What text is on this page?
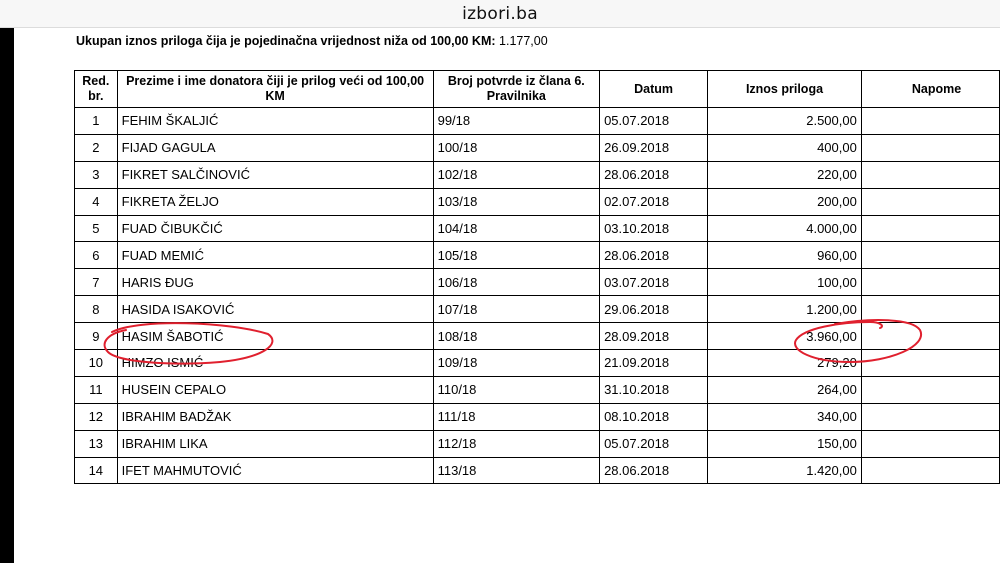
izbori.ba
Ukupan iznos priloga čija je pojedinačna vrijednost niža od 100,00 KM: 1.177,00
Red. br.	Prezime i ime donatora čiji je prilog veći od 100,00 KM	Broj potvrde iz člana 6. Pravilnika	Datum	Iznos priloga	Napome
1	FEHIM ŠKALJIĆ	99/18	05.07.2018	2.500,00	
2	FIJAD GAGULA	100/18	26.09.2018	400,00	
3	FIKRET SALČINOVIĆ	102/18	28.06.2018	220,00	
4	FIKRETA ŽELJO	103/18	02.07.2018	200,00	
5	FUAD ČIBUKČIĆ	104/18	03.10.2018	4.000,00	
6	FUAD MEMIĆ	105/18	28.06.2018	960,00	
7	HARIS ĐUG	106/18	03.07.2018	100,00	
8	HASIDA ISAKOVIĆ	107/18	29.06.2018	1.200,00	
9	HASIM ŠABOTIĆ	108/18	28.09.2018	3.960,00	
10	HIMZO ISMIĆ	109/18	21.09.2018	279,20	
11	HUSEIN CEPALO	110/18	31.10.2018	264,00	
12	IBRAHIM BADŽAK	111/18	08.10.2018	340,00	
13	IBRAHIM LIKA	112/18	05.07.2018	150,00	
14	IFET MAHMUTOVIĆ	113/18	28.06.2018	1.420,00	
